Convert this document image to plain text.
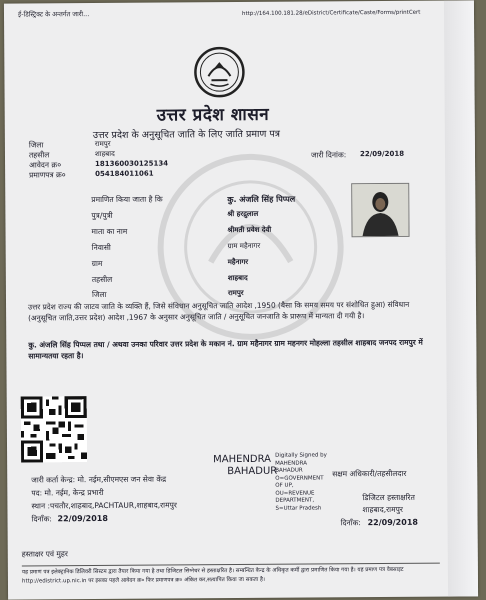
ई-डिस्ट्रिक्ट के अन्तर्गत जारी...	http://164.100.181.28/eDistrict/Certificate/Caste/Forms/printCert
उत्तर प्रदेश शासन
उत्तर प्रदेश के अनुसूचित जाति के लिए जाति प्रमाण पत्र
जिला	रामपुर
तहसील	शाहबाद
आवेदन क्र०	181360030125134
प्रमाणपत्र क्र०	054184011061
जारी दिनांक: 22/09/2018
प्रमाणित किया जाता है कि	कु. अंजलि सिंह पिप्पल
पुत्र/पुत्री	श्री हरद्रुलाल
माता का नाम	श्रीमती प्रवेश देवी
निवासी	ग्राम महैनागर
ग्राम	महैनागर
तहसील	शाहबाद
जिला	रामपुर
उत्तर प्रदेश राज्य की जाटव जाति के व्यक्ति हैं, जिसे संविधान अनुसूचित जाति आदेश ,1950 (बैसा कि समय समय पर संशोधित हुआ) संविधान (अनुसूचित जाति,उत्तर प्रदेश) आदेश ,1967 के अनुसार अनुसूचित जाति / अनुसूचित जनजाति के प्रारूप में मान्यता दी गयी है।
कु. अंजलि सिंह पिप्पल तथा / अथवा उनका परिवार उत्तर प्रदेश के मकान नं. ग्राम महैनागर ग्राम महनगर मोहल्ला तहसील शाहबाद जनपद रामपुर में सामान्यतया रहता है।
MAHENDRA
BAHADUR
Digitally Signed by
MAHENDRA
BAHADUR
O=GOVERNMENT
OF UP,
OU=REVENUE
DEPARTMENT,
S=Uttar Pradesh
जारी कर्ता केन्द्र: मो. नईम,सीएमएस जन सेवा केंद्र
पद: मो. नईम, केन्द्र प्रभारी
स्थान :पचतौर,शाहबाद,PACHTAUR,शाहबाद,रामपुर
दिनाँक: 22/09/2018
सक्षम अधिकारी/तहसीलदार
डिजिटल हस्ताक्षरित
शाहबाद,रामपुर
दिनाँक: 22/09/2018
हस्ताक्षर एवं मुहर
यह प्रमाण पत्र इलेक्ट्रानिक डिलिवरी सिस्टम द्वारा तैयार किया गया है तथा डिजिटल सिग्नेचर से हस्ताक्षरित है। सम्बन्धित केन्द्र के अधिकृत कर्मी द्वारा प्रमाणित किया गया है। यह प्रमाण पत्र वेबसाइट http://edistrict.up.nic.in पर इसका पहले आवेदन क्र० फिर प्रमाणपत्र क्र० अंकित कर,सत्यापित किया जा सकता है।
